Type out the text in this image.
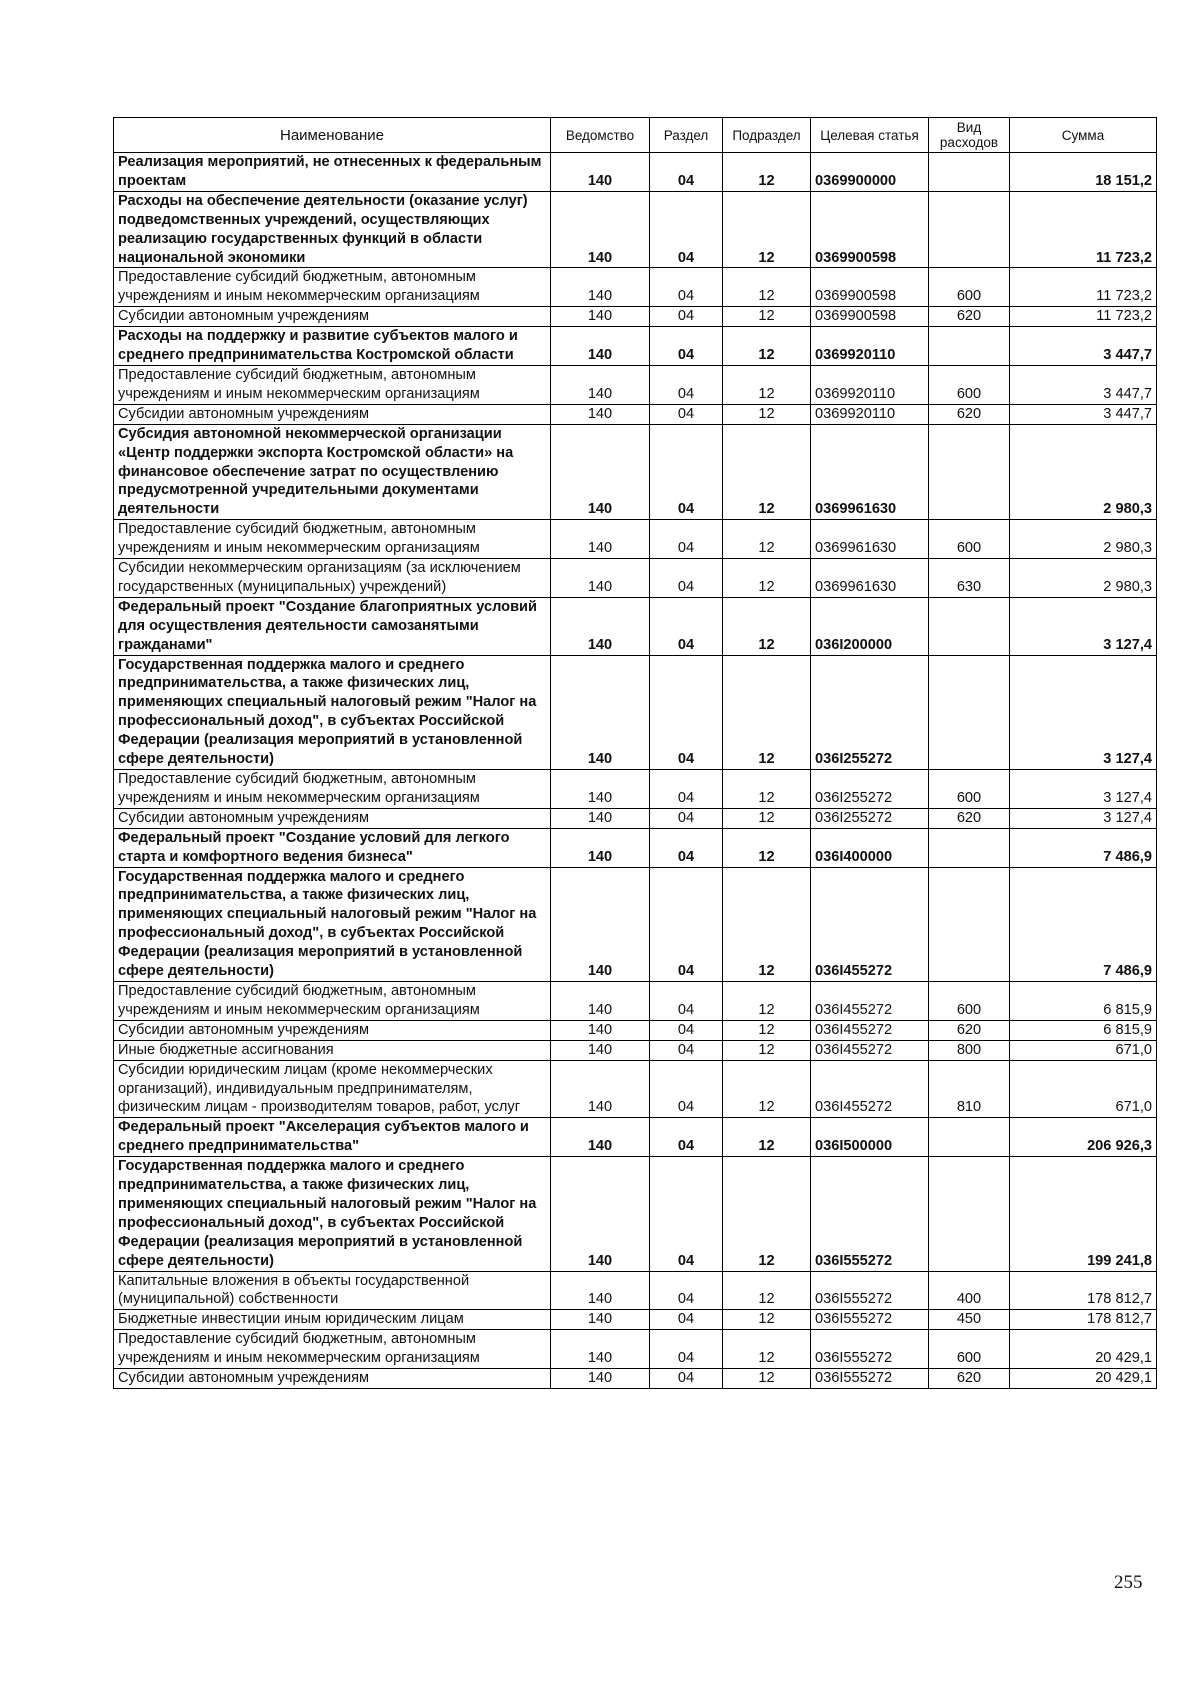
Наименование	Ведомство	Раздел	Подраздел	Целевая статья	Вид расходов	Сумма
Реализация мероприятий, не отнесенных к федеральным проектам	140	04	12	0369900000		18 151,2
Расходы на обеспечение деятельности (оказание услуг) подведомственных учреждений, осуществляющих реализацию государственных функций в области национальной экономики	140	04	12	0369900598		11 723,2
Предоставление субсидий бюджетным, автономным учреждениям и иным некоммерческим организациям	140	04	12	0369900598	600	11 723,2
Субсидии автономным учреждениям	140	04	12	0369900598	620	11 723,2
Расходы на поддержку и развитие субъектов малого и среднего предпринимательства Костромской области	140	04	12	0369920110		3 447,7
Предоставление субсидий бюджетным, автономным учреждениям и иным некоммерческим организациям	140	04	12	0369920110	600	3 447,7
Субсидии автономным учреждениям	140	04	12	0369920110	620	3 447,7
Субсидия автономной некоммерческой организации «Центр поддержки экспорта Костромской области» на финансовое обеспечение затрат по осуществлению предусмотренной учредительными документами деятельности	140	04	12	0369961630		2 980,3
Предоставление субсидий бюджетным, автономным учреждениям и иным некоммерческим организациям	140	04	12	0369961630	600	2 980,3
Субсидии некоммерческим организациям (за исключением государственных (муниципальных) учреждений)	140	04	12	0369961630	630	2 980,3
Федеральный проект "Создание благоприятных условий для осуществления деятельности самозанятыми гражданами"	140	04	12	036I200000		3 127,4
Государственная поддержка малого и среднего предпринимательства, а также физических лиц, применяющих специальный налоговый режим "Налог на профессиональный доход", в субъектах Российской Федерации (реализация мероприятий в установленной сфере деятельности)	140	04	12	036I255272		3 127,4
Предоставление субсидий бюджетным, автономным учреждениям и иным некоммерческим организациям	140	04	12	036I255272	600	3 127,4
Субсидии автономным учреждениям	140	04	12	036I255272	620	3 127,4
Федеральный проект "Создание условий для легкого старта и комфортного ведения бизнеса"	140	04	12	036I400000		7 486,9
Государственная поддержка малого и среднего предпринимательства, а также физических лиц, применяющих специальный налоговый режим "Налог на профессиональный доход", в субъектах Российской Федерации (реализация мероприятий в установленной сфере деятельности)	140	04	12	036I455272		7 486,9
Предоставление субсидий бюджетным, автономным учреждениям и иным некоммерческим организациям	140	04	12	036I455272	600	6 815,9
Субсидии автономным учреждениям	140	04	12	036I455272	620	6 815,9
Иные бюджетные ассигнования	140	04	12	036I455272	800	671,0
Субсидии юридическим лицам (кроме некоммерческих организаций), индивидуальным предпринимателям, физическим лицам - производителям товаров, работ, услуг	140	04	12	036I455272	810	671,0
Федеральный проект "Акселерация субъектов малого и среднего предпринимательства"	140	04	12	036I500000		206 926,3
Государственная поддержка малого и среднего предпринимательства, а также физических лиц, применяющих специальный налоговый режим "Налог на профессиональный доход", в субъектах Российской Федерации (реализация мероприятий в установленной сфере деятельности)	140	04	12	036I555272		199 241,8
Капитальные вложения в объекты государственной (муниципальной) собственности	140	04	12	036I555272	400	178 812,7
Бюджетные инвестиции иным юридическим лицам	140	04	12	036I555272	450	178 812,7
Предоставление субсидий бюджетным, автономным учреждениям и иным некоммерческим организациям	140	04	12	036I555272	600	20 429,1
Субсидии автономным учреждениям	140	04	12	036I555272	620	20 429,1
255
